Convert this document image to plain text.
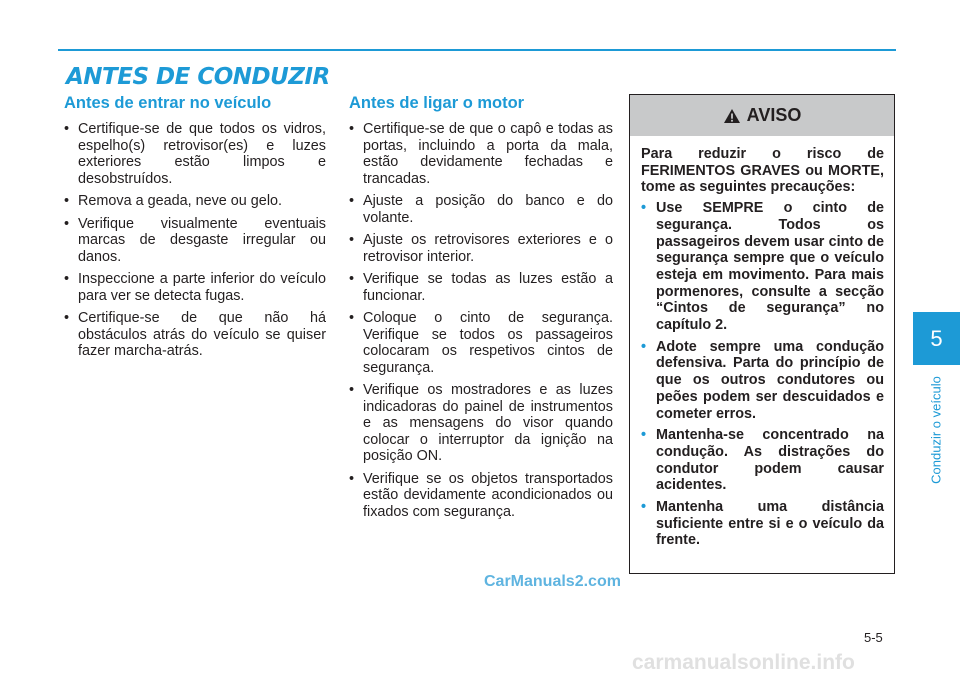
ANTES DE CONDUZIR
Antes de entrar no veículo
• Certifique-se de que todos os vidros, espelho(s) retrovisor(es) e luzes exteriores estão limpos e desobstruídos.
• Remova a geada, neve ou gelo.
• Verifique visualmente eventuais marcas de desgaste irregular ou danos.
• Inspeccione a parte inferior do veículo para ver se detecta fugas.
• Certifique-se de que não há obstáculos atrás do veículo se quiser fazer marcha-atrás.
Antes de ligar o motor
• Certifique-se de que o capô e todas as portas, incluindo a porta da mala, estão devidamente fechadas e trancadas.
• Ajuste a posição do banco e do volante.
• Ajuste os retrovisores exteriores e o retrovisor interior.
• Verifique se todas as luzes estão a funcionar.
• Coloque o cinto de segurança. Verifique se todos os passageiros colocaram os respetivos cintos de segurança.
• Verifique os mostradores e as luzes indicadoras do painel de instrumentos e as mensagens do visor quando colocar o interruptor da ignição na posição ON.
• Verifique se os objetos transportados estão devidamente acondicionados ou fixados com segurança.
AVISO

Para reduzir o risco de FERIMENTOS GRAVES ou MORTE, tome as seguintes precauções:

• Use SEMPRE o cinto de segurança. Todos os passageiros devem usar cinto de segurança sempre que o veículo esteja em movimento. Para mais pormenores, consulte a secção “Cintos de segurança” no capítulo 2.
• Adote sempre uma condução defensiva. Parta do princípio de que os outros condutores ou peões podem ser descuidados e cometer erros.
• Mantenha-se concentrado na condução. As distrações do condutor podem causar acidentes.
• Mantenha uma distância suficiente entre si e o veículo da frente.
5
Conduzir o veículo
5-5
CarManuals2.com
carmanualsonline.info
